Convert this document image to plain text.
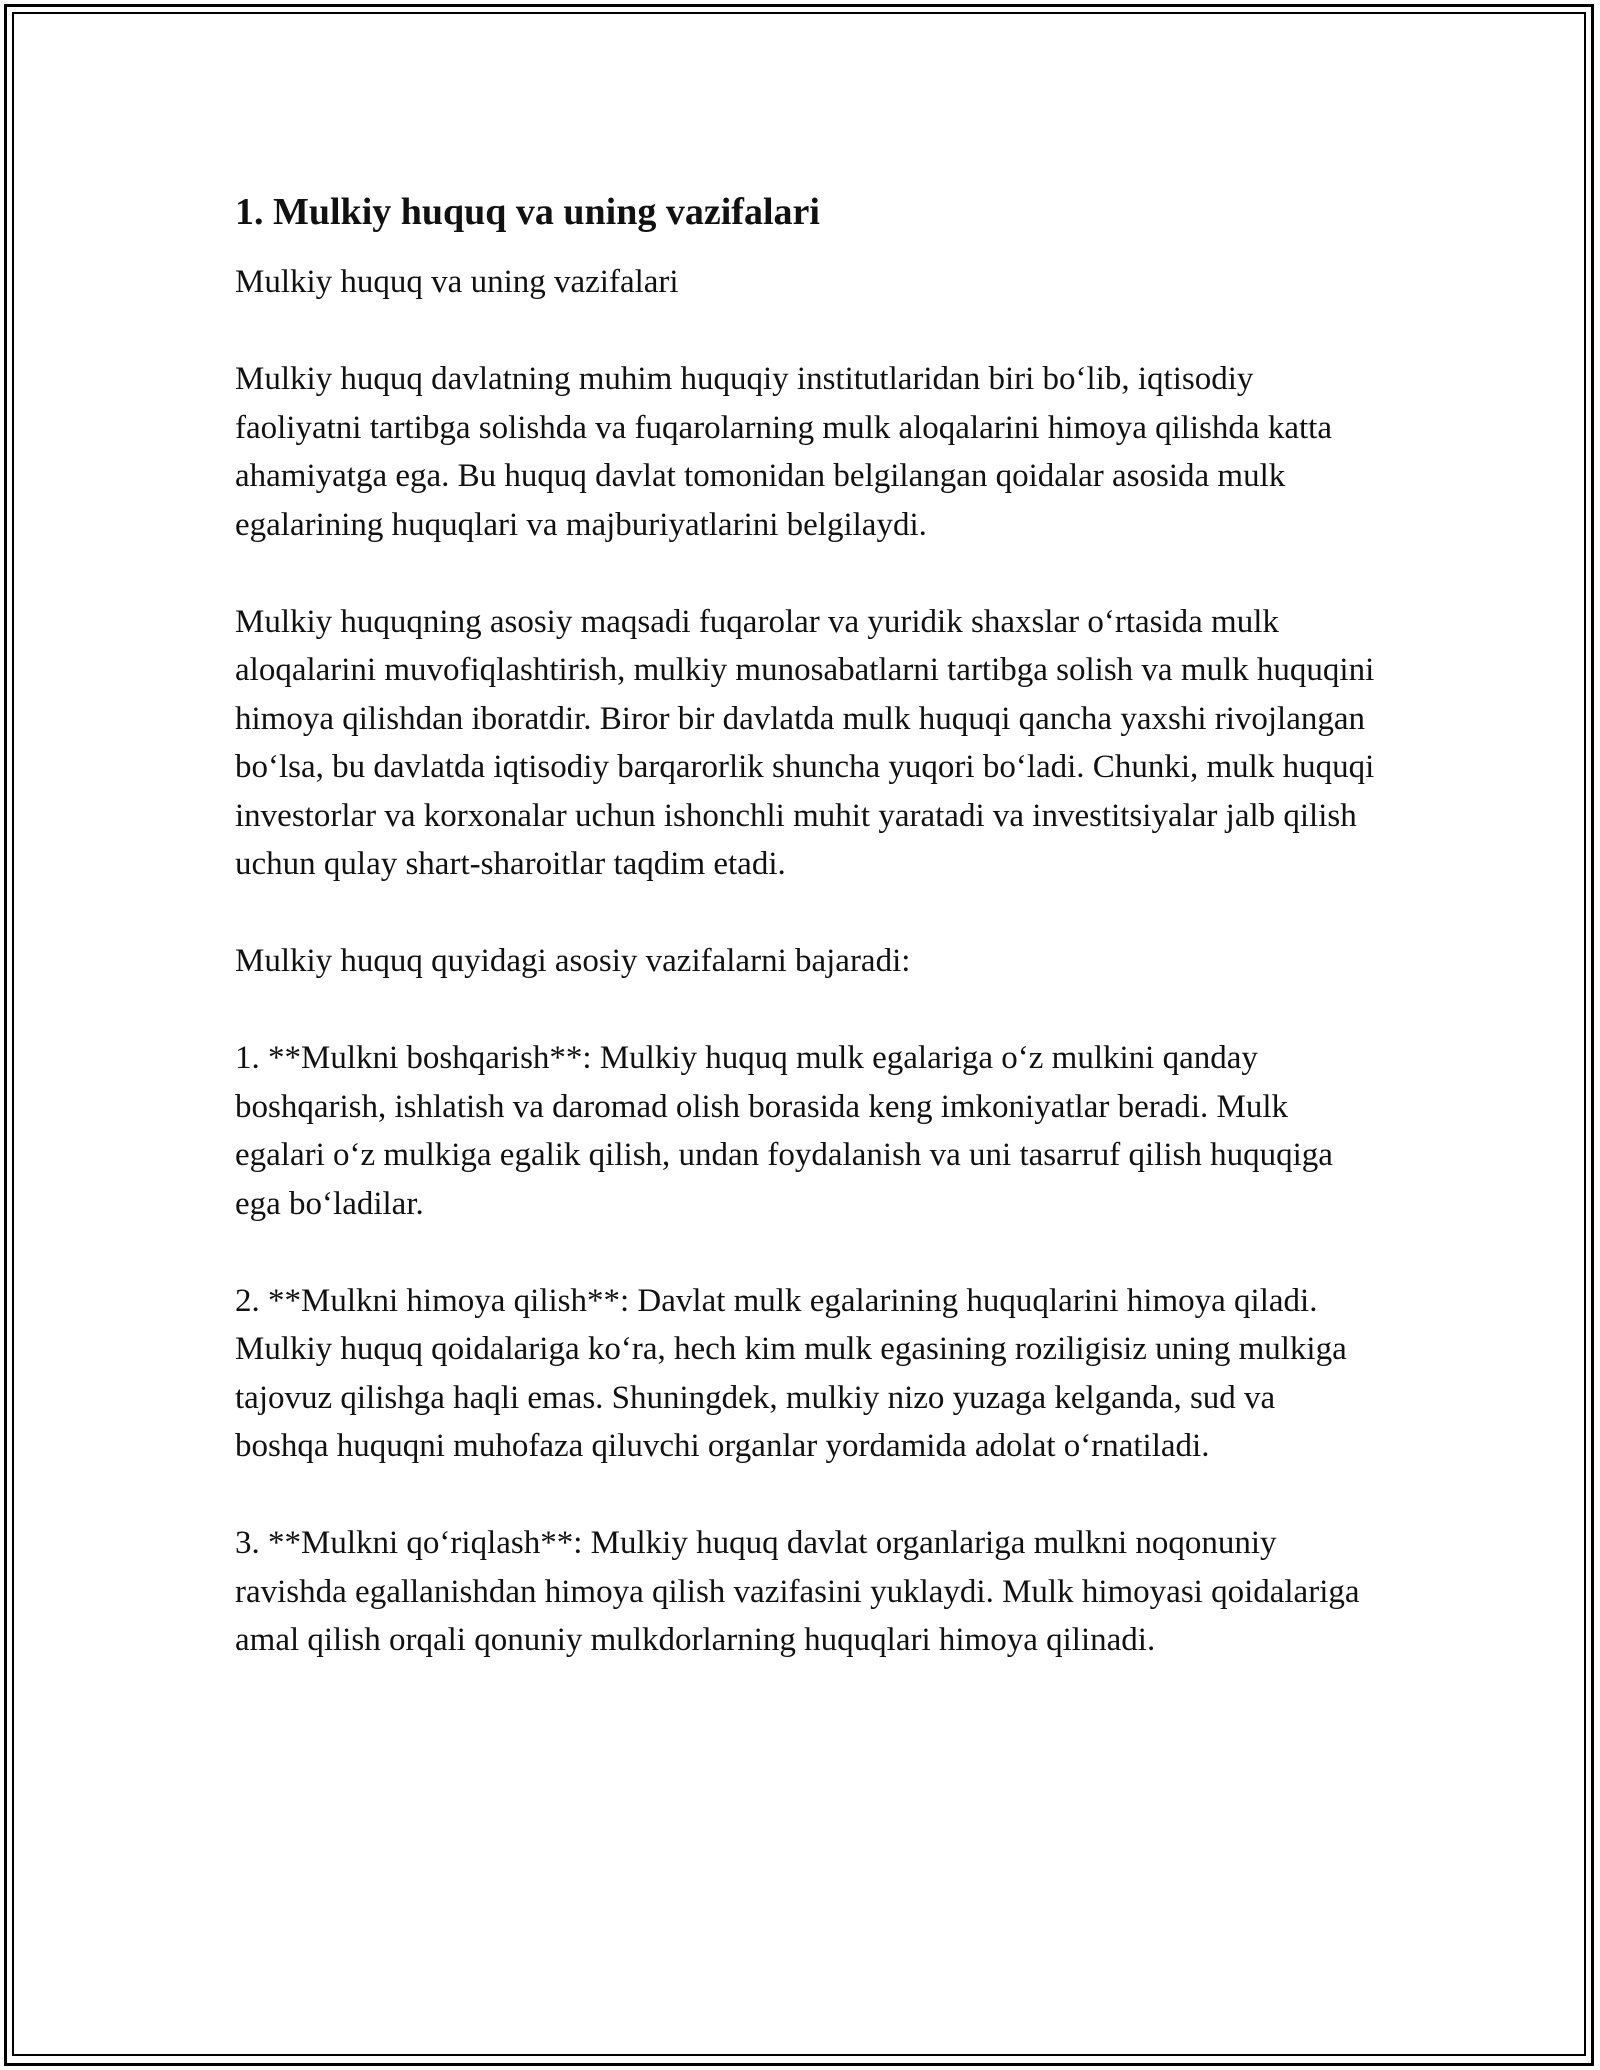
1. Mulkiy huquq va uning vazifalari

Mulkiy huquq va uning vazifalari

Mulkiy huquq davlatning muhim huquqiy institutlaridan biri bo‘lib, iqtisodiy faoliyatni tartibga solishda va fuqarolarning mulk aloqalarini himoya qilishda katta ahamiyatga ega. Bu huquq davlat tomonidan belgilangan qoidalar asosida mulk egalarining huquqlari va majburiyatlarini belgilaydi.

Mulkiy huquqning asosiy maqsadi fuqarolar va yuridik shaxslar o‘rtasida mulk aloqalarini muvofiqlashtirish, mulkiy munosabatlarni tartibga solish va mulk huquqini himoya qilishdan iboratdir. Biror bir davlatda mulk huquqi qancha yaxshi rivojlangan bo‘lsa, bu davlatda iqtisodiy barqarorlik shuncha yuqori bo‘ladi. Chunki, mulk huquqi investorlar va korxonalar uchun ishonchli muhit yaratadi va investitsiyalar jalb qilish uchun qulay shart-sharoitlar taqdim etadi.

Mulkiy huquq quyidagi asosiy vazifalarni bajaradi:

1. **Mulkni boshqarish**: Mulkiy huquq mulk egalariga o‘z mulkini qanday boshqarish, ishlatish va daromad olish borasida keng imkoniyatlar beradi. Mulk egalari o‘z mulkiga egalik qilish, undan foydalanish va uni tasarruf qilish huquqiga ega bo‘ladilar.

2. **Mulkni himoya qilish**: Davlat mulk egalarining huquqlarini himoya qiladi. Mulkiy huquq qoidalariga ko‘ra, hech kim mulk egasining roziligisiz uning mulkiga tajovuz qilishga haqli emas. Shuningdek, mulkiy nizo yuzaga kelganda, sud va boshqa huquqni muhofaza qiluvchi organlar yordamida adolat o‘rnatiladi.

3. **Mulkni qo‘riqlash**: Mulkiy huquq davlat organlariga mulkni noqonuniy ravishda egallanishdan himoya qilish vazifasini yuklaydi. Mulk himoyasi qoidalariga amal qilish orqali qonuniy mulkdorlarning huquqlari himoya qilinadi.
